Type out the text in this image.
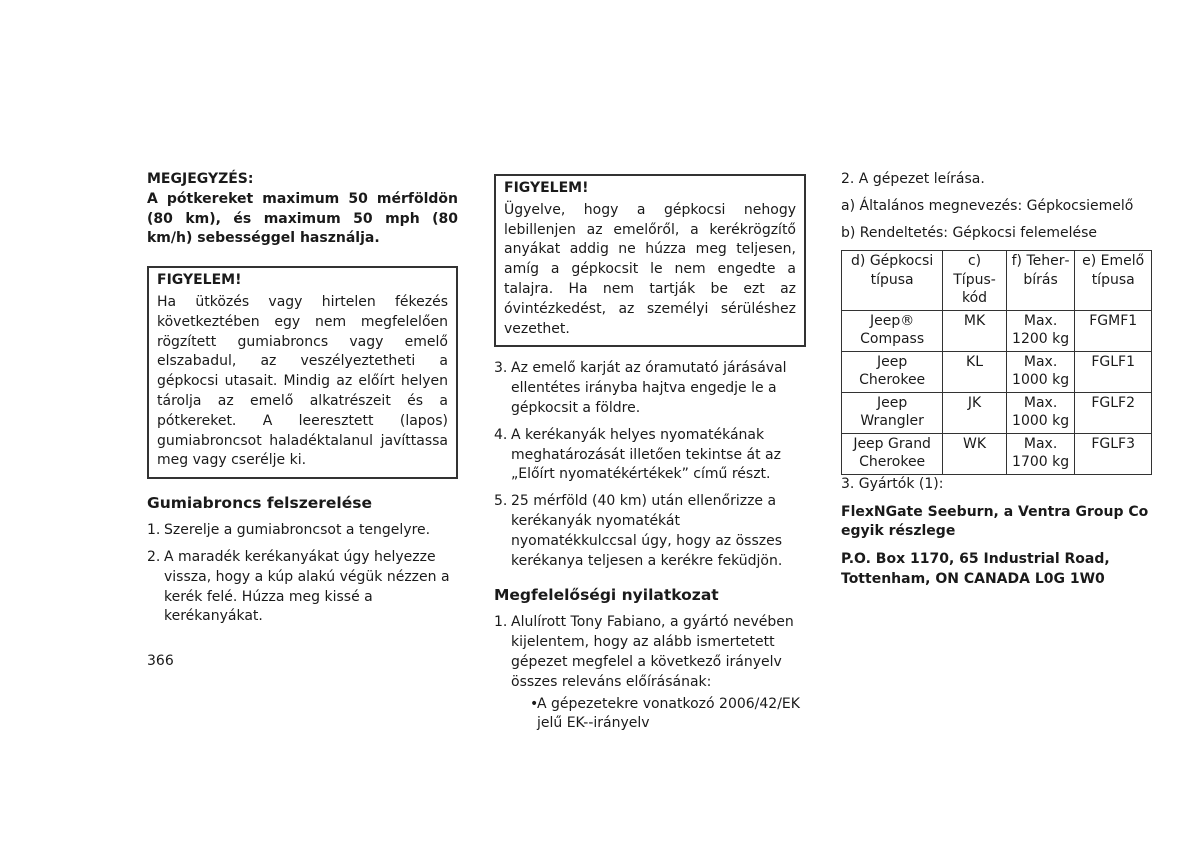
MEGJEGYZÉS:

A pótkereket maximum 50 mérföldön (80 km), és maximum 50 mph (80 km/h) sebességgel használja.

FIGYELEM!

Ha ütközés vagy hirtelen fékezés következtében egy nem megfelelően rögzített gumiabroncs vagy emelő elszabadul, az veszélyeztetheti a gépkocsi utasait. Mindig az előírt helyen tárolja az emelő alkatrészeit és a pótkereket. A leeresztett (lapos) gumiabroncsot haladéktalanul javíttassa meg vagy cserélje ki.

Gumiabroncs felszerelése
1. Szerelje a gumiabroncsot a tengelyre.
2. A maradék kerékanyákat úgy helyezze vissza, hogy a kúp alakú végük nézzen a kerék felé. Húzza meg kissé a kerékanyákat.

FIGYELEM!

Ügyelve, hogy a gépkocsi nehogy lebillenjen az emelőről, a kerékrögzítő anyákat addig ne húzza meg teljesen, amíg a gépkocsit le nem engedte a talajra. Ha nem tartják be ezt az óvintézkedést, az személyi sérüléshez vezethet.

3. Az emelő karját az óramutató járásával ellentétes irányba hajtva engedje le a gépkocsit a földre.
4. A kerékanyák helyes nyomatékának meghatározását illetően tekintse át az „Előírt nyomatékértékek” című részt.
5. 25 mérföld (40 km) után ellenőrizze a kerékanyák nyomatékát nyomatékkulccsal úgy, hogy az összes kerékanya teljesen a kerékre feküdjön.
Megfelelőségi nyilatkozat
1. Alulírott Tony Fabiano, a gyártó nevében kijelentem, hogy az alább ismertetett gépezet megfelel a következő irányelv összes releváns előírásának:
•
A gépezetekre vonatkozó 2006/42/EK jelű EK--irányelv

2. A gépezet leírása.

a) Általános megnevezés: Gépkocsiemelő

b) Rendeltetés: Gépkocsi felemelése

d) Gépkocsi típusa	c) Típuskód	f) Teherbírás	e) Emelő típusa
Jeep® Compass	MK	Max. 1200 kg	FGMF1
Jeep Cherokee	KL	Max. 1000 kg	FGLF1
Jeep Wrangler	JK	Max. 1000 kg	FGLF2
Jeep Grand Cherokee	WK	Max. 1700 kg	FGLF3

3. Gyártók (1):

FlexNGate Seeburn, a Ventra Group Co egyik részlege

P.O. Box 1170, 65 Industrial Road, Tottenham, ON CANADA L0G 1W0

366
